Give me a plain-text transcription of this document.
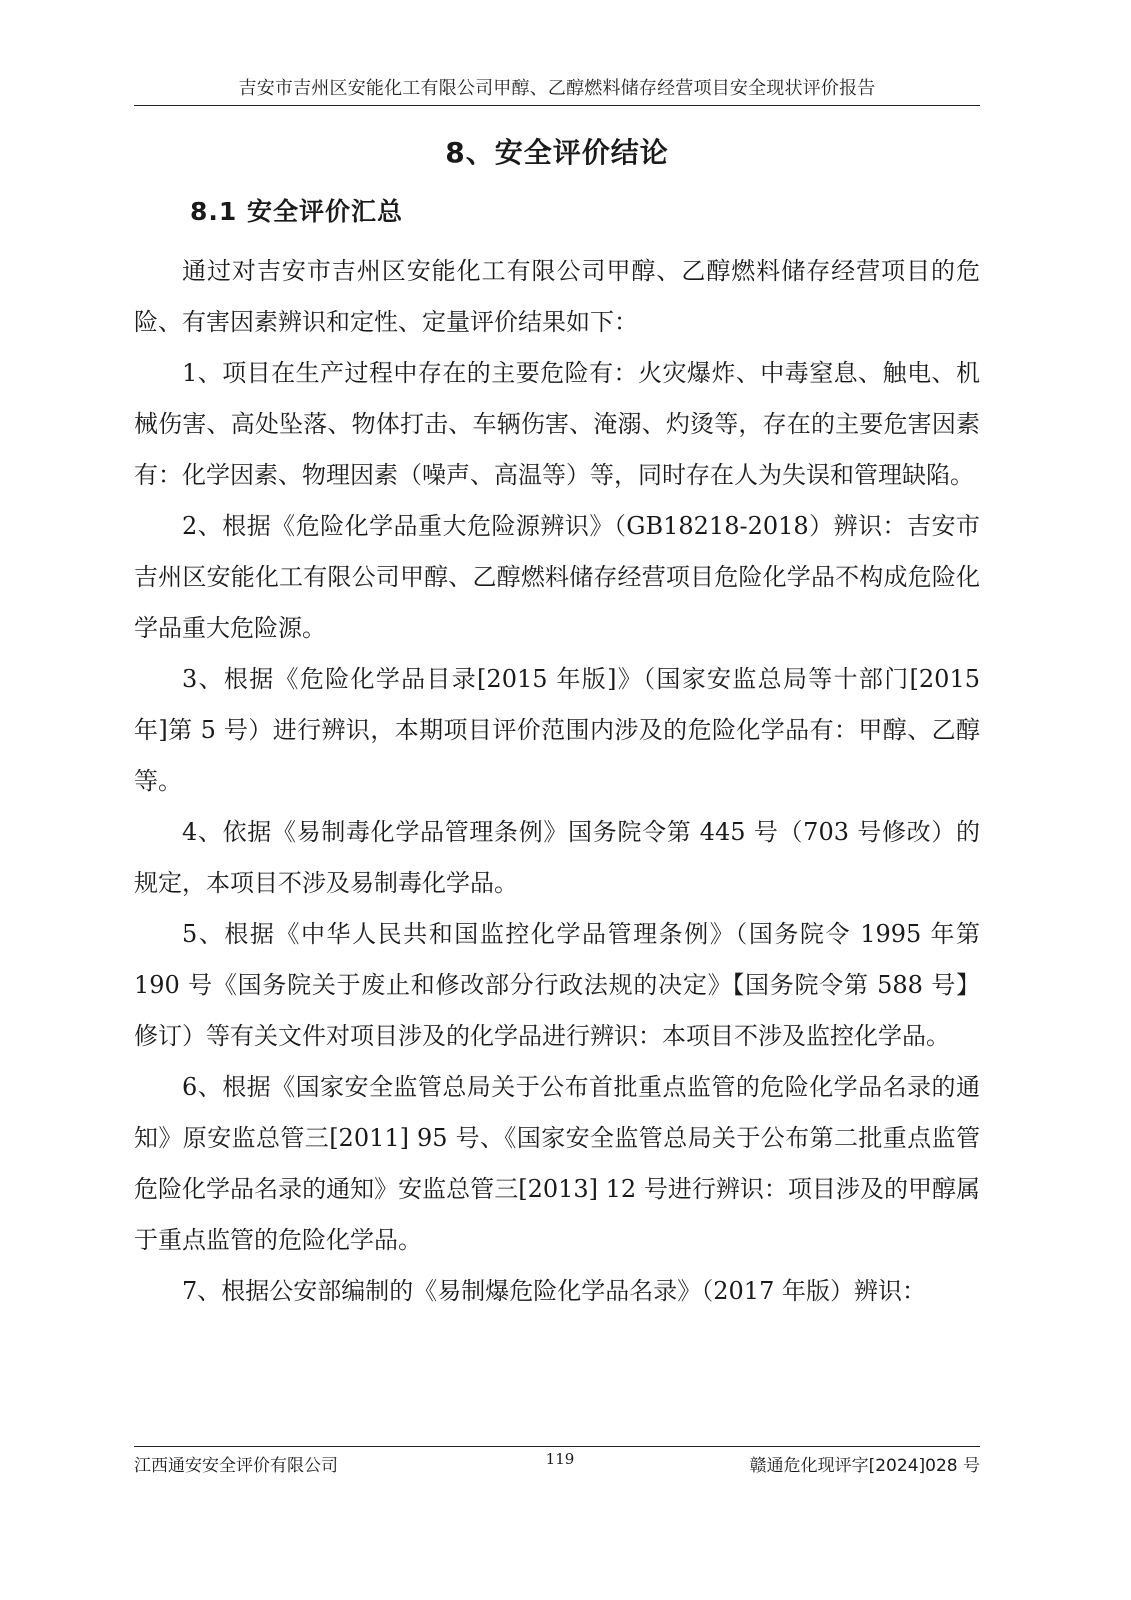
吉安市吉州区安能化工有限公司甲醇、乙醇燃料储存经营项目安全现状评价报告
8、安全评价结论
8.1 安全评价汇总

通过对吉安市吉州区安能化工有限公司甲醇、乙醇燃料储存经营项目的危险、有害因素辨识和定性、定量评价结果如下：

1、项目在生产过程中存在的主要危险有：火灾爆炸、中毒窒息、触电、机械伤害、高处坠落、物体打击、车辆伤害、淹溺、灼烫等，存在的主要危害因素有：化学因素、物理因素（噪声、高温等）等，同时存在人为失误和管理缺陷。

2、根据《危险化学品重大危险源辨识》（GB18218-2018）辨识：吉安市吉州区安能化工有限公司甲醇、乙醇燃料储存经营项目危险化学品不构成危险化学品重大危险源。

3、根据《危险化学品目录[2015 年版]》（国家安监总局等十部门[2015 年]第 5 号）进行辨识，本期项目评价范围内涉及的危险化学品有：甲醇、乙醇等。

4、依据《易制毒化学品管理条例》国务院令第 445 号（703 号修改）的规定，本项目不涉及易制毒化学品。

5、根据《中华人民共和国监控化学品管理条例》（国务院令 1995 年第 190 号《国务院关于废止和修改部分行政法规的决定》【国务院令第 588 号】修订）等有关文件对项目涉及的化学品进行辨识：本项目不涉及监控化学品。

6、根据《国家安全监管总局关于公布首批重点监管的危险化学品名录的通知》原安监总管三[2011] 95 号、《国家安全监管总局关于公布第二批重点监管危险化学品名录的通知》安监总管三[2013] 12 号进行辨识：项目涉及的甲醇属于重点监管的危险化学品。

7、根据公安部编制的《易制爆危险化学品名录》（2017 年版）辨识：

江西通安安全评价有限公司	119	赣通危化现评字[2024]028 号
